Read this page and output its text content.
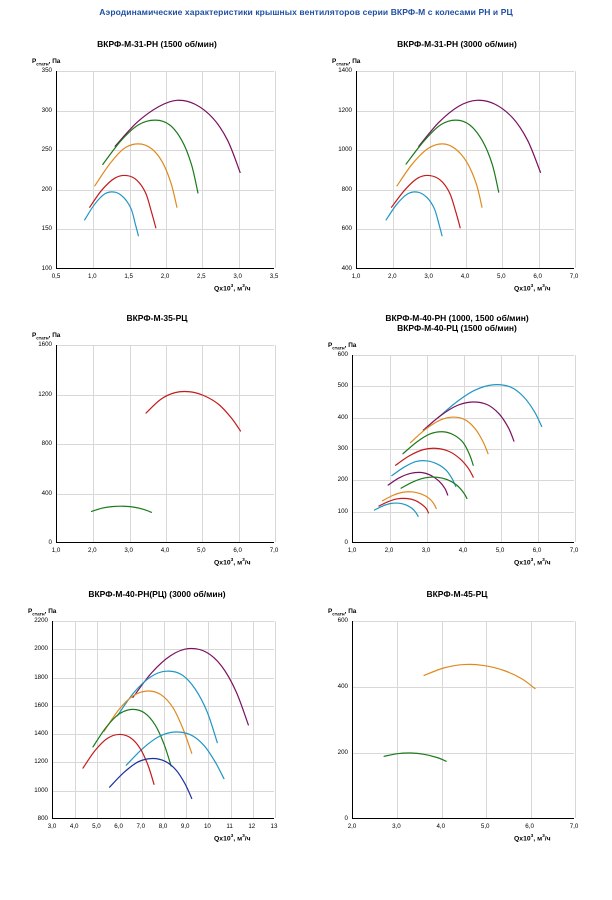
Аэродинамические характеристики крышных вентиляторов серии ВКРФ-М с колесами РН и РЦ
ВКРФ-М-31-РН (1500 об/мин)
100
150
200
250
300
350
0,5	1,0	1,5	2,0	2,5	3,0	3,5
$P_{статн}$, Па
$Qх10^3$, $м^3/ч$
ВКРФ-М-31-РН (3000 об/мин)
400
600
800
1000
1200
1400
1,0	2,0	3,0	4,0	5,0	6,0	7,0
$P_{статн}$, Па
$Qх10^3$, $м^3/ч$
ВКРФ-М-35-РЦ
0
400
800
1200
1600
1,0	2,0	3,0	4,0	5,0	6,0	7,0
$P_{статн}$, Па
$Qх10^3$, $м^3/ч$
ВКРФ-М-40-РН (1000, 1500 об/мин)
ВКРФ-М-40-РЦ (1500 об/мин)
0
100
200
300
400
500
600
1,0	2,0	3,0	4,0	5,0	6,0	7,0
$P_{статн}$, Па
$Qх10^3$, $м^3/ч$
ВКРФ-М-40-РН(РЦ) (3000 об/мин)
800
1000
1200
1400
1600
1800
2000
2200
3,0	4,0	5,0	6,0	7,0	8,0	9,0	10	11	12	13
$P_{статн}$, Па
$Qх10^3$, $м^3/ч$
ВКРФ-М-45-РЦ
0
200
400
600
2,0	3,0	4,0	5,0	6,0	7,0
$P_{статн}$, Па
$Qх10^3$, $м^3/ч$
